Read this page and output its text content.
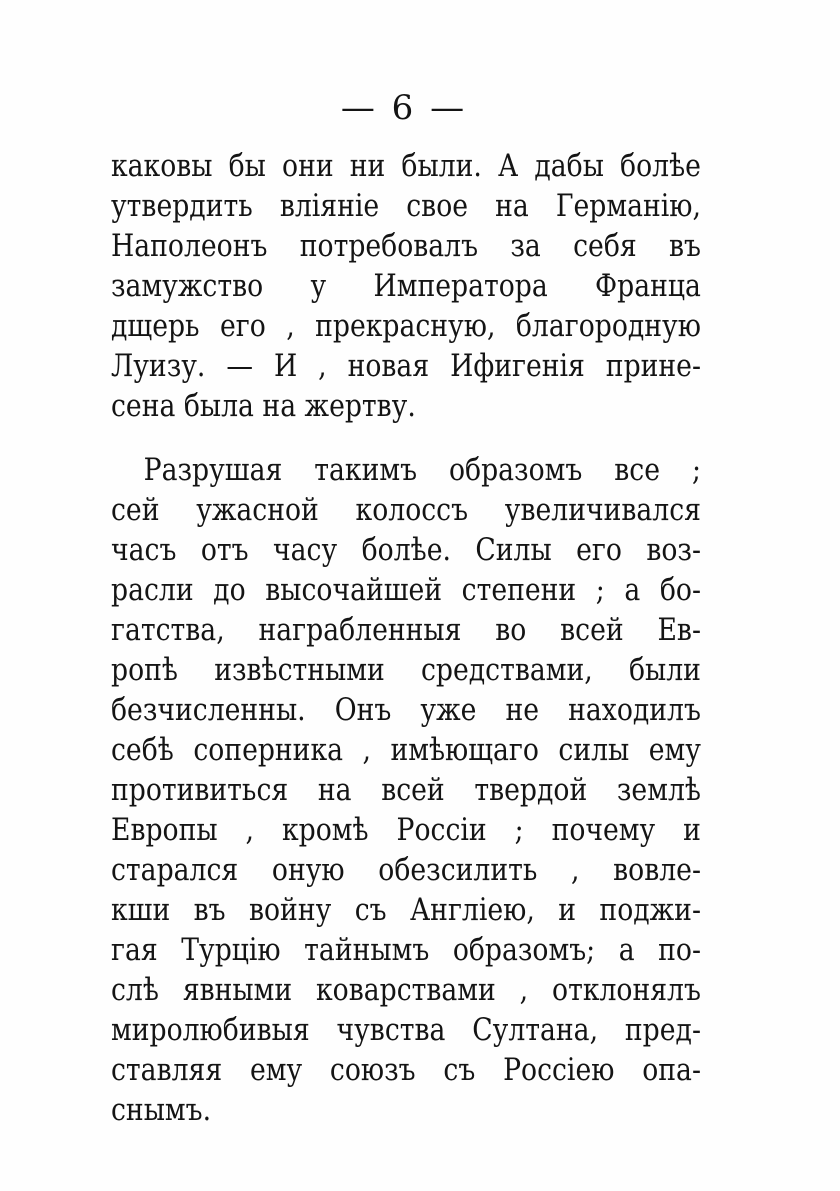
— 6 —
каковы бы они ни были. А дабы болѣе
утвердить вліяніе свое на Германію,
Наполеонъ потребовалъ за себя въ
замужство у Императора Франца
дщерь его , прекрасную, благородную
Луизу. — И , новая Ифигенія принe-
сена была на жертву.
Разрушая такимъ образомъ все ;
сей ужасной колоссъ увеличивался
часъ отъ часу болѣе. Силы его воз-
расли до высочайшей степени ; а бо-
гатства, награбленныя во всей Ев-
ропѣ извѣстными средствами, были
безчисленны. Онъ уже не находилъ
себѣ соперника , имѣющаго силы ему
противиться на всей твердой землѣ
Европы , кромѣ Россіи ; почему и
старался оную обезсилить , вовле-
кши въ войну съ Англіею, и поджи-
гая Турцію тайнымъ образомъ; а по-
слѣ явными коварствами , отклонялъ
миролюбивыя чувства Султана, пред-
ставляя ему союзъ съ Россіею опа-
снымъ.
